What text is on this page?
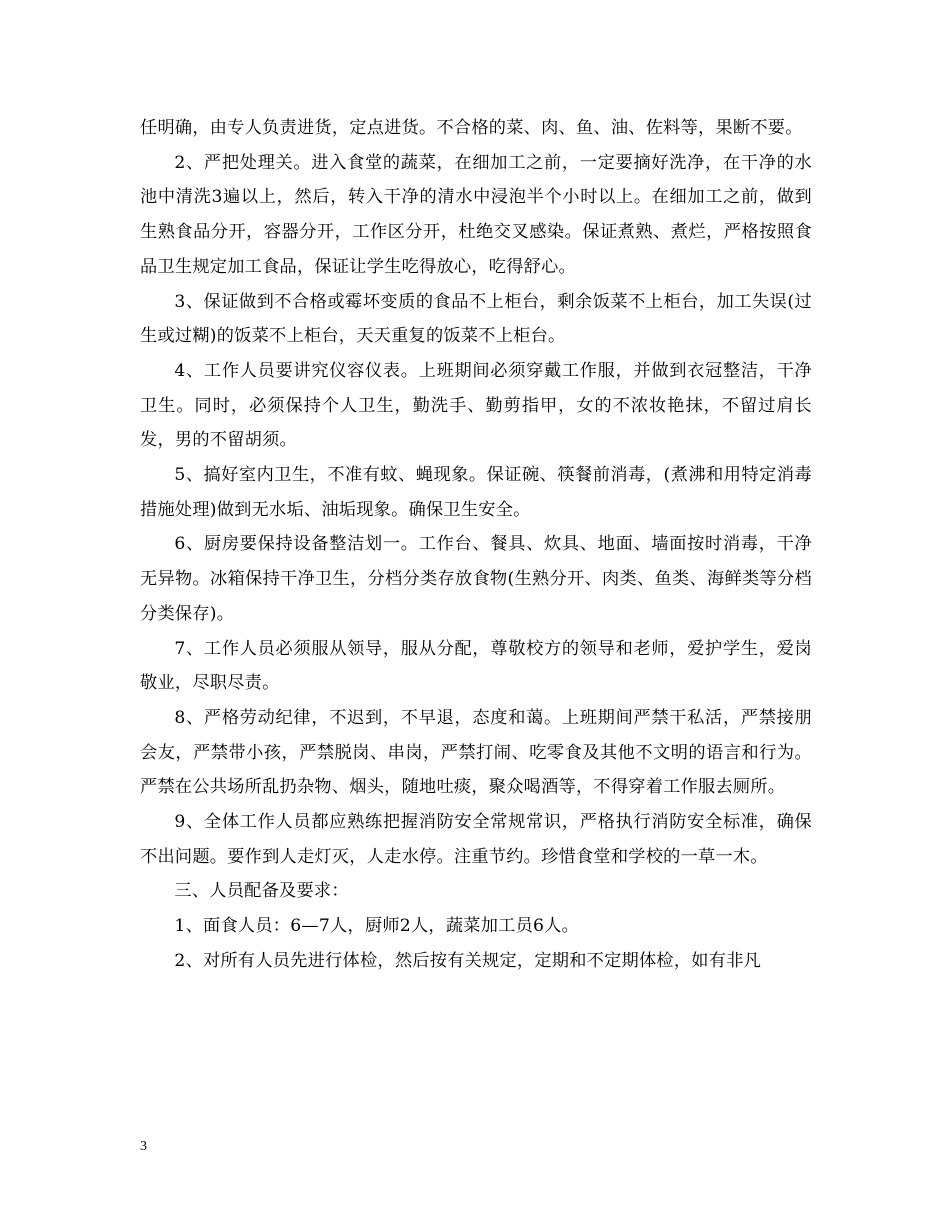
任明确，由专人负责进货，定点进货。不合格的菜、肉、鱼、油、佐料等，果断不要。

2、严把处理关。进入食堂的蔬菜，在细加工之前，一定要摘好洗净，在干净的水池中清洗3遍以上，然后，转入干净的清水中浸泡半个小时以上。在细加工之前，做到生熟食品分开，容器分开，工作区分开，杜绝交叉感染。保证煮熟、煮烂，严格按照食品卫生规定加工食品，保证让学生吃得放心，吃得舒心。

3、保证做到不合格或霉坏变质的食品不上柜台，剩余饭菜不上柜台，加工失误(过生或过糊)的饭菜不上柜台，天天重复的饭菜不上柜台。

4、工作人员要讲究仪容仪表。上班期间必须穿戴工作服，并做到衣冠整洁，干净卫生。同时，必须保持个人卫生，勤洗手、勤剪指甲，女的不浓妆艳抹，不留过肩长发，男的不留胡须。

5、搞好室内卫生，不准有蚊、蝇现象。保证碗、筷餐前消毒，(煮沸和用特定消毒措施处理)做到无水垢、油垢现象。确保卫生安全。

6、厨房要保持设备整洁划一。工作台、餐具、炊具、地面、墙面按时消毒，干净无异物。冰箱保持干净卫生，分档分类存放食物(生熟分开、肉类、鱼类、海鲜类等分档分类保存)。

7、工作人员必须服从领导，服从分配，尊敬校方的领导和老师，爱护学生，爱岗敬业，尽职尽责。

8、严格劳动纪律，不迟到，不早退，态度和蔼。上班期间严禁干私活，严禁接朋会友，严禁带小孩，严禁脱岗、串岗，严禁打闹、吃零食及其他不文明的语言和行为。严禁在公共场所乱扔杂物、烟头，随地吐痰，聚众喝酒等，不得穿着工作服去厕所。

9、全体工作人员都应熟练把握消防安全常规常识，严格执行消防安全标准，确保不出问题。要作到人走灯灭，人走水停。注重节约。珍惜食堂和学校的一草一木。

三、人员配备及要求：

1、面食人员：6—7人，厨师2人，蔬菜加工员6人。

2、对所有人员先进行体检，然后按有关规定，定期和不定期体检，如有非凡

3
